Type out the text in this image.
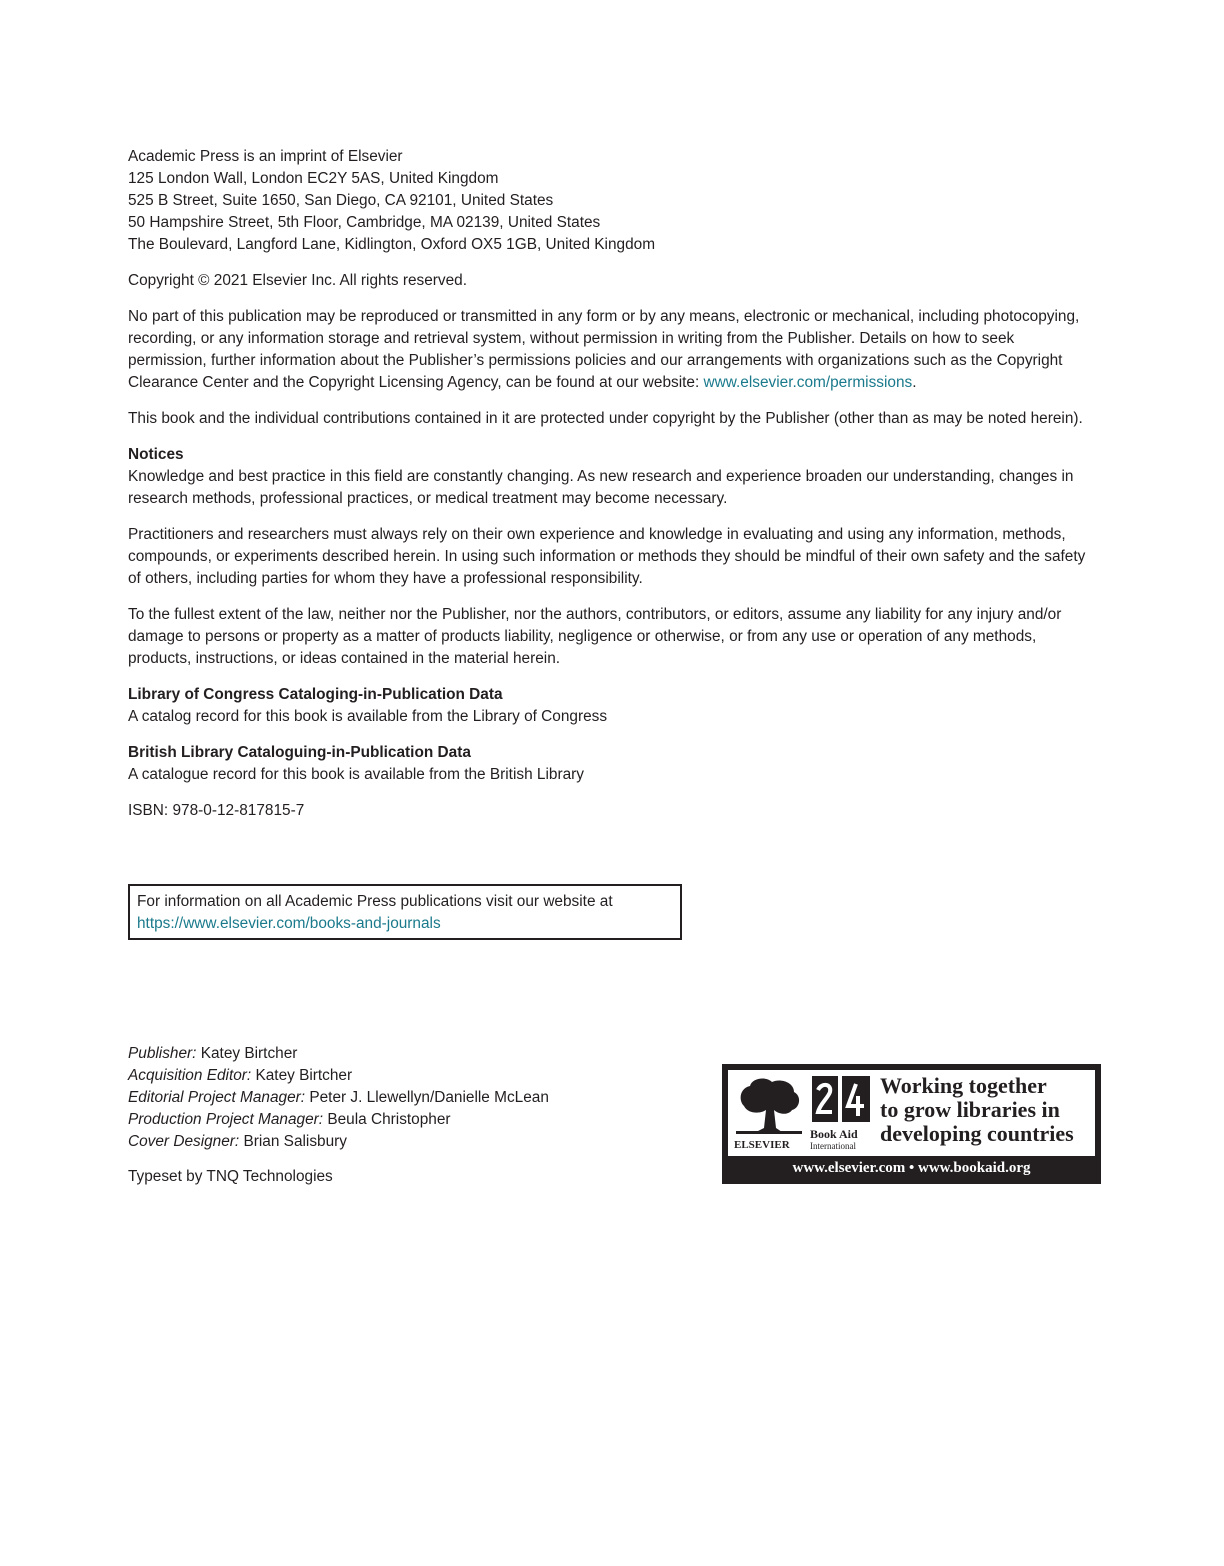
Academic Press is an imprint of Elsevier

125 London Wall, London EC2Y 5AS, United Kingdom

525 B Street, Suite 1650, San Diego, CA 92101, United States

50 Hampshire Street, 5th Floor, Cambridge, MA 02139, United States

The Boulevard, Langford Lane, Kidlington, Oxford OX5 1GB, United Kingdom

Copyright © 2021 Elsevier Inc. All rights reserved.

No part of this publication may be reproduced or transmitted in any form or by any means, electronic or mechanical, including photocopying, recording, or any information storage and retrieval system, without permission in writing from the Publisher. Details on how to seek permission, further information about the Publisher’s permissions policies and our arrangements with organizations such as the Copyright Clearance Center and the Copyright Licensing Agency, can be found at our website: www.elsevier.com/permissions.

This book and the individual contributions contained in it are protected under copyright by the Publisher (other than as may be noted herein).

Notices

Knowledge and best practice in this field are constantly changing. As new research and experience broaden our understanding, changes in research methods, professional practices, or medical treatment may become necessary.

Practitioners and researchers must always rely on their own experience and knowledge in evaluating and using any information, methods, compounds, or experiments described herein. In using such information or methods they should be mindful of their own safety and the safety of others, including parties for whom they have a professional responsibility.

To the fullest extent of the law, neither nor the Publisher, nor the authors, contributors, or editors, assume any liability for any injury and/or damage to persons or property as a matter of products liability, negligence or otherwise, or from any use or operation of any methods, products, instructions, or ideas contained in the material herein.

Library of Congress Cataloging-in-Publication Data

A catalog record for this book is available from the Library of Congress

British Library Cataloguing-in-Publication Data

A catalogue record for this book is available from the British Library

ISBN: 978-0-12-817815-7

For information on all Academic Press publications visit our website at

https://www.elsevier.com/books-and-journals

Publisher: Katey Birtcher

Acquisition Editor: Katey Birtcher

Editorial Project Manager: Peter J. Llewellyn/Danielle McLean

Production Project Manager: Beula Christopher

Cover Designer: Brian Salisbury

Typeset by TNQ Technologies

ELSEVIER
Book Aid
International
Working together
to grow libraries in
developing countries
www.elsevier.com • www.bookaid.org
